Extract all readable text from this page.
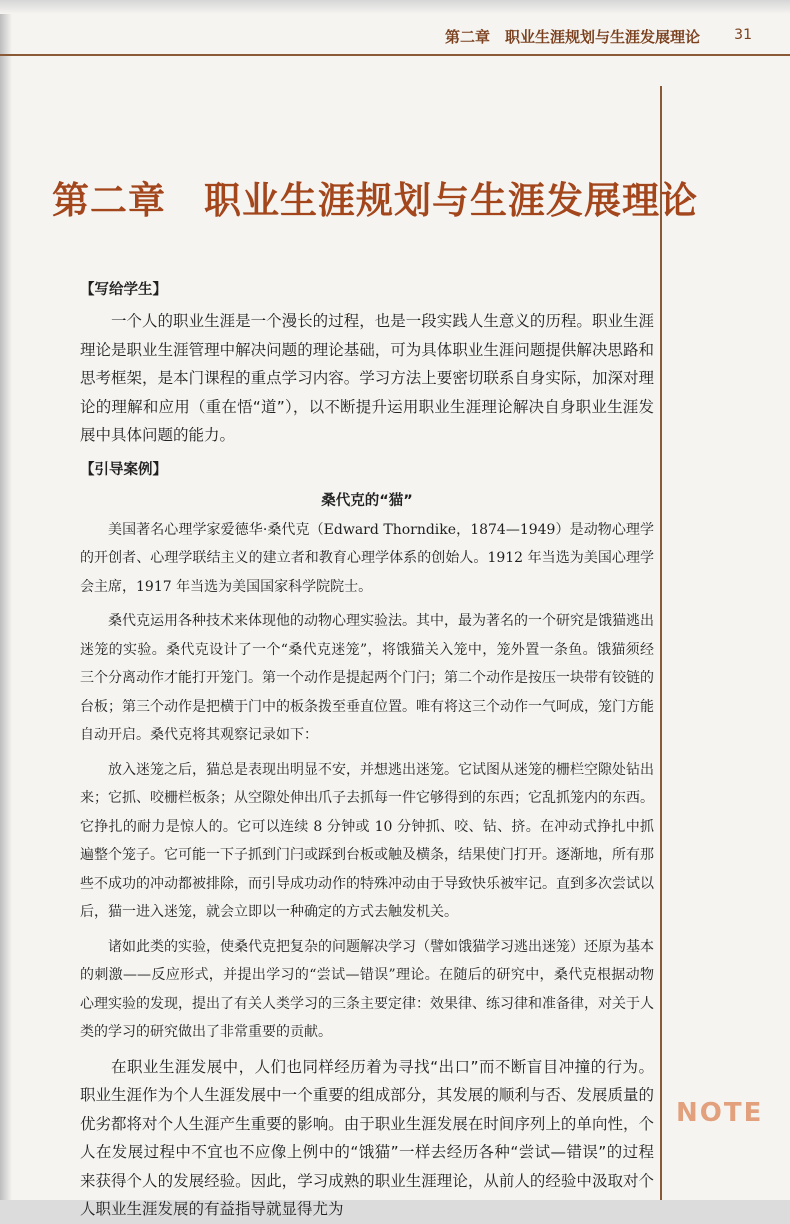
第二章　职业生涯规划与生涯发展理论 31
第二章 职业生涯规划与生涯发展理论
【写给学生】

一个人的职业生涯是一个漫长的过程，也是一段实践人生意义的历程。职业生涯理论是职业生涯管理中解决问题的理论基础，可为具体职业生涯问题提供解决思路和思考框架，是本门课程的重点学习内容。学习方法上要密切联系自身实际，加深对理论的理解和应用（重在悟“道”），以不断提升运用职业生涯理论解决自身职业生涯发展中具体问题的能力。

【引导案例】
桑代克的“猫”

美国著名心理学家爱德华·桑代克（Edward Thorndike，1874—1949）是动物心理学的开创者、心理学联结主义的建立者和教育心理学体系的创始人。1912 年当选为美国心理学会主席，1917 年当选为美国国家科学院院士。

桑代克运用各种技术来体现他的动物心理实验法。其中，最为著名的一个研究是饿猫逃出迷笼的实验。桑代克设计了一个“桑代克迷笼”，将饿猫关入笼中，笼外置一条鱼。饿猫须经三个分离动作才能打开笼门。第一个动作是提起两个门闩；第二个动作是按压一块带有铰链的台板；第三个动作是把横于门中的板条拨至垂直位置。唯有将这三个动作一气呵成，笼门方能自动开启。桑代克将其观察记录如下：

放入迷笼之后，猫总是表现出明显不安，并想逃出迷笼。它试图从迷笼的栅栏空隙处钻出来；它抓、咬栅栏板条；从空隙处伸出爪子去抓每一件它够得到的东西；它乱抓笼内的东西。它挣扎的耐力是惊人的。它可以连续 8 分钟或 10 分钟抓、咬、钻、挤。在冲动式挣扎中抓遍整个笼子。它可能一下子抓到门闩或踩到台板或触及横条，结果使门打开。逐渐地，所有那些不成功的冲动都被排除，而引导成功动作的特殊冲动由于导致快乐被牢记。直到多次尝试以后，猫一进入迷笼，就会立即以一种确定的方式去触发机关。

诸如此类的实验，使桑代克把复杂的问题解决学习（譬如饿猫学习逃出迷笼）还原为基本的刺激——反应形式，并提出学习的“尝试—错误”理论。在随后的研究中，桑代克根据动物心理实验的发现，提出了有关人类学习的三条主要定律：效果律、练习律和准备律，对关于人类的学习的研究做出了非常重要的贡献。

在职业生涯发展中，人们也同样经历着为寻找“出口”而不断盲目冲撞的行为。职业生涯作为个人生涯发展中一个重要的组成部分，其发展的顺利与否、发展质量的优劣都将对个人生涯产生重要的影响。由于职业生涯发展在时间序列上的单向性，个人在发展过程中不宜也不应像上例中的“饿猫”一样去经历各种“尝试—错误”的过程来获得个人的发展经验。因此，学习成熟的职业生涯理论，从前人的经验中汲取对个人职业生涯发展的有益指导就显得尤为

NOTE
